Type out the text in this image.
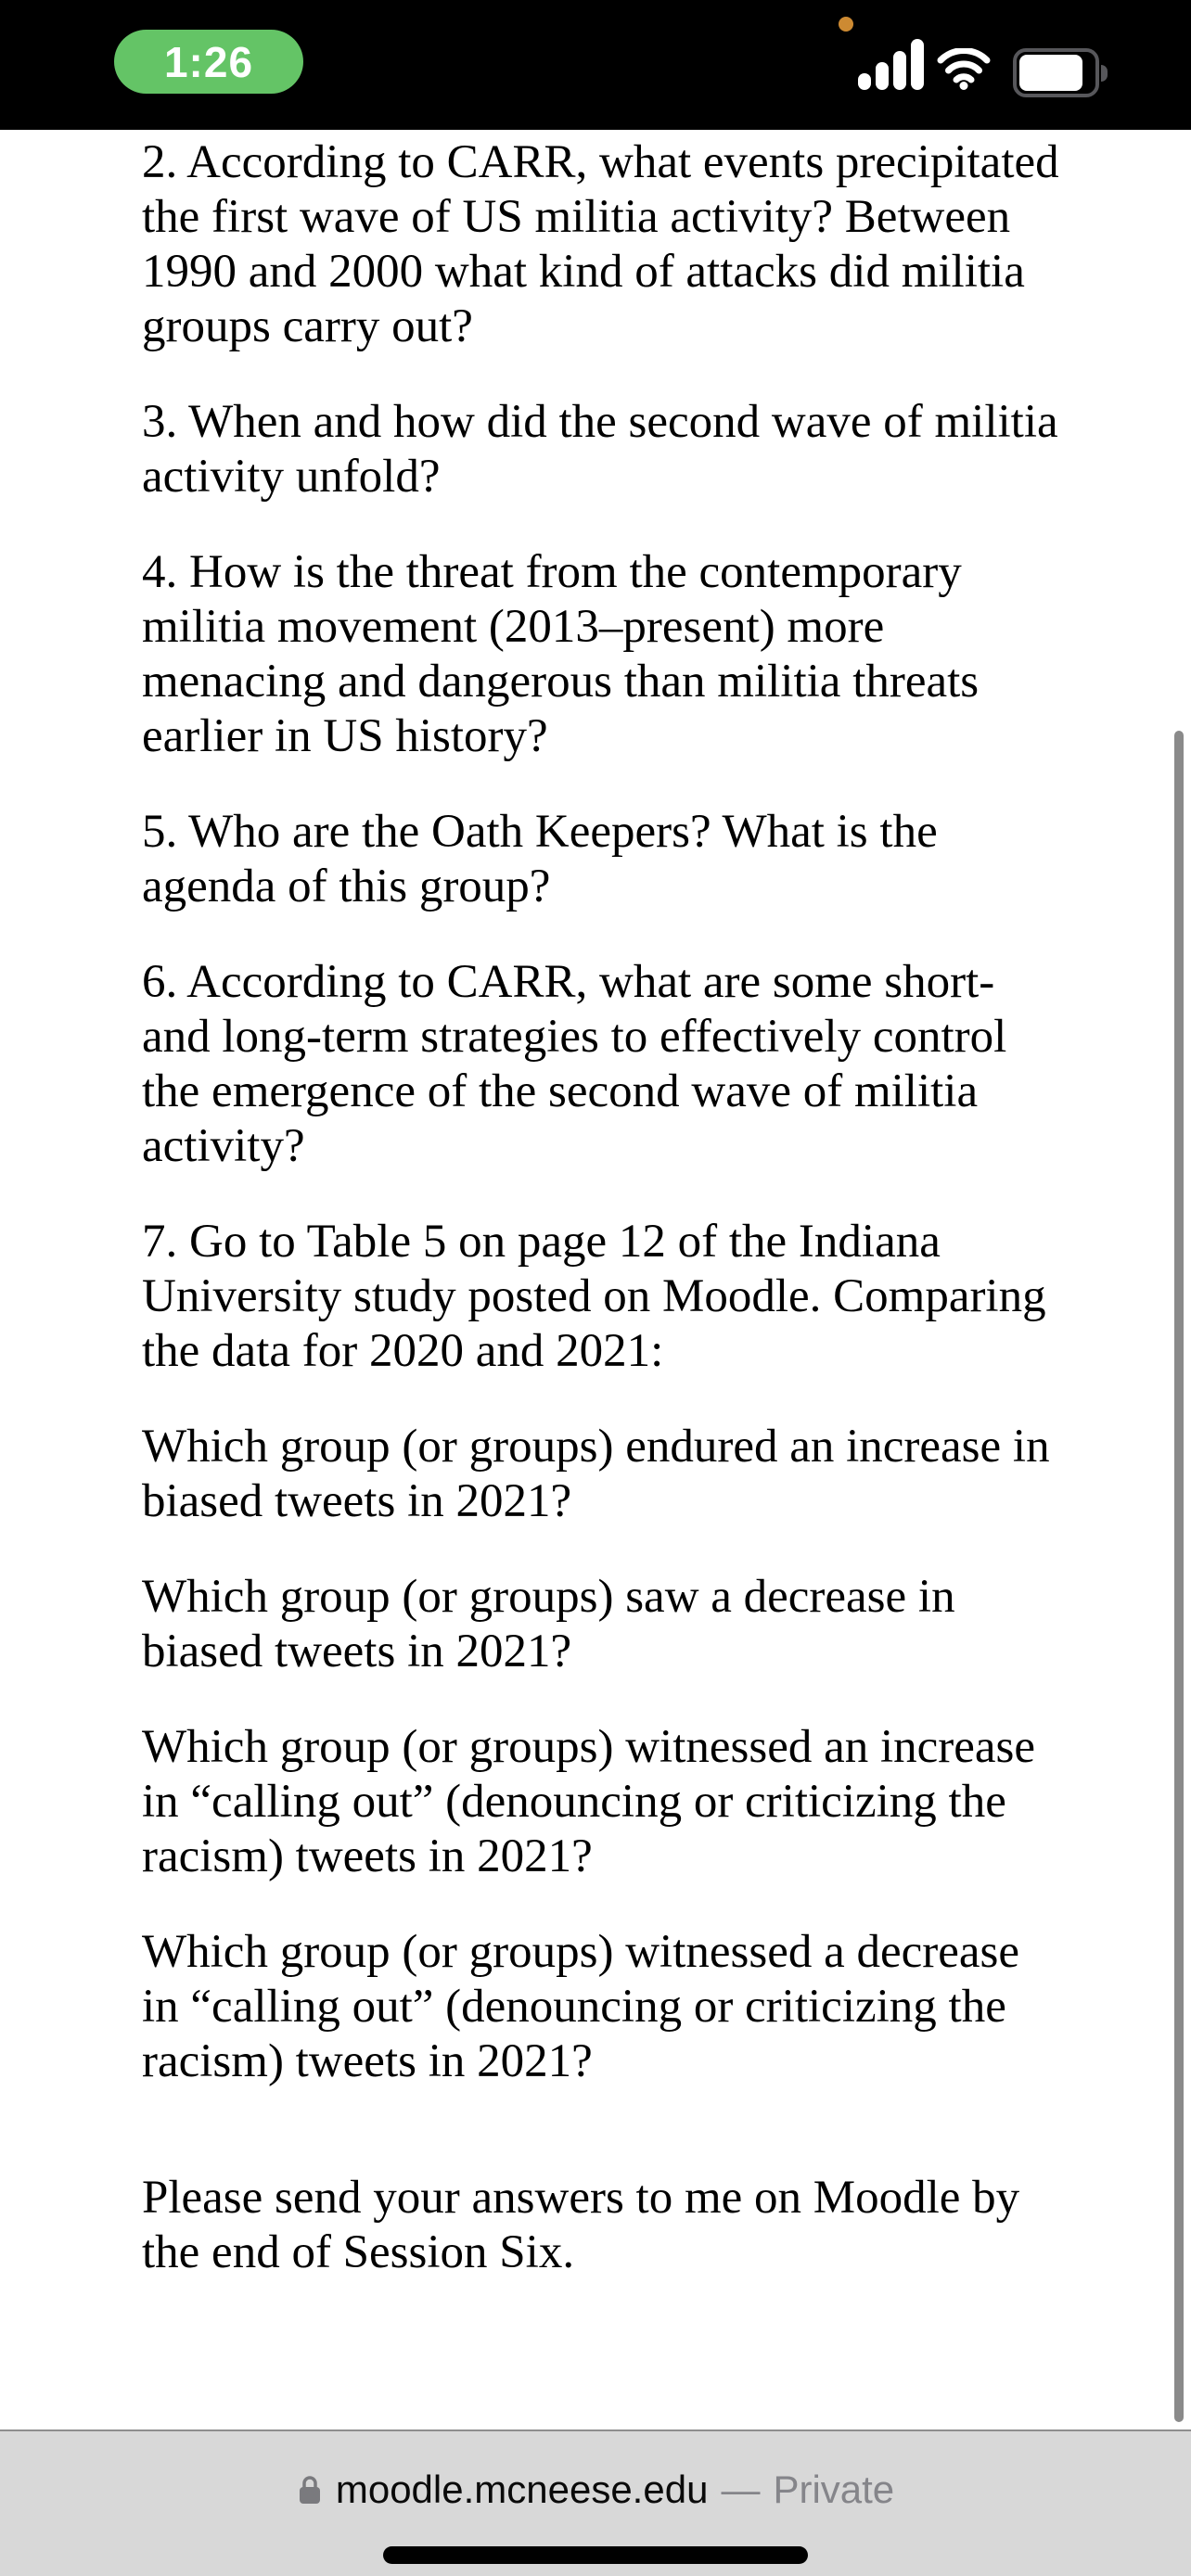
1:26

2. According to CARR, what events precipitated
the first wave of US militia activity? Between
1990 and 2000 what kind of attacks did militia
groups carry out?

3. When and how did the second wave of militia
activity unfold?

4. How is the threat from the contemporary
militia movement (2013–present) more
menacing and dangerous than militia threats
earlier in US history?

5. Who are the Oath Keepers? What is the
agenda of this group?

6. According to CARR, what are some short-
and long-term strategies to effectively control
the emergence of the second wave of militia
activity?

7. Go to Table 5 on page 12 of the Indiana
University study posted on Moodle. Comparing
the data for 2020 and 2021:

Which group (or groups) endured an increase in
biased tweets in 2021?

Which group (or groups) saw a decrease in
biased tweets in 2021?

Which group (or groups) witnessed an increase
in “calling out” (denouncing or criticizing the
racism) tweets in 2021?

Which group (or groups) witnessed a decrease
in “calling out” (denouncing or criticizing the
racism) tweets in 2021?

Please send your answers to me on Moodle by
the end of Session Six.

moodle.mcneese.edu — Private
